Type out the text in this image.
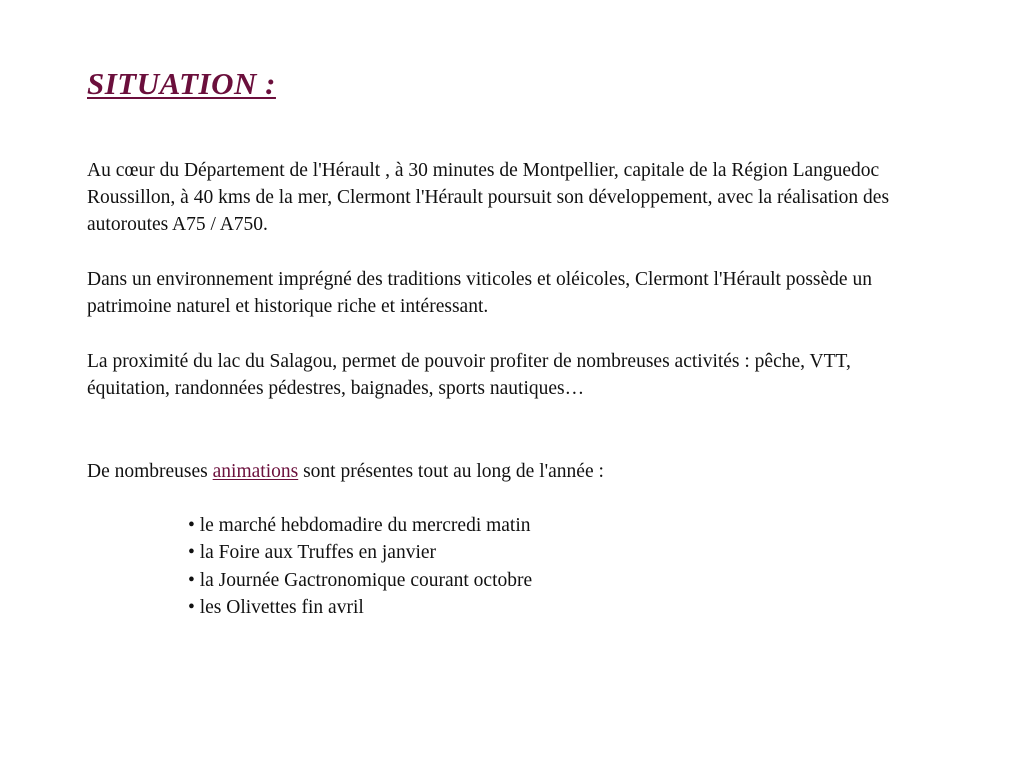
SITUATION :

Au cœur du Département de l'Hérault , à 30 minutes de Montpellier, capitale de la Région Languedoc Roussillon, à 40 kms de la mer, Clermont l'Hérault poursuit son développement, avec la réalisation des autoroutes A75 / A750.

Dans un environnement imprégné des traditions viticoles et oléicoles, Clermont l'Hérault possède un patrimoine naturel et historique riche et intéressant.

La proximité du lac du Salagou, permet de pouvoir profiter de nombreuses activités : pêche, VTT, équitation, randonnées pédestres, baignades, sports nautiques…

De nombreuses animations sont présentes tout au long de l'année :

• le marché hebdomadire du mercredi matin
• la Foire aux Truffes en janvier
• la Journée Gactronomique courant octobre
• les Olivettes fin avril
